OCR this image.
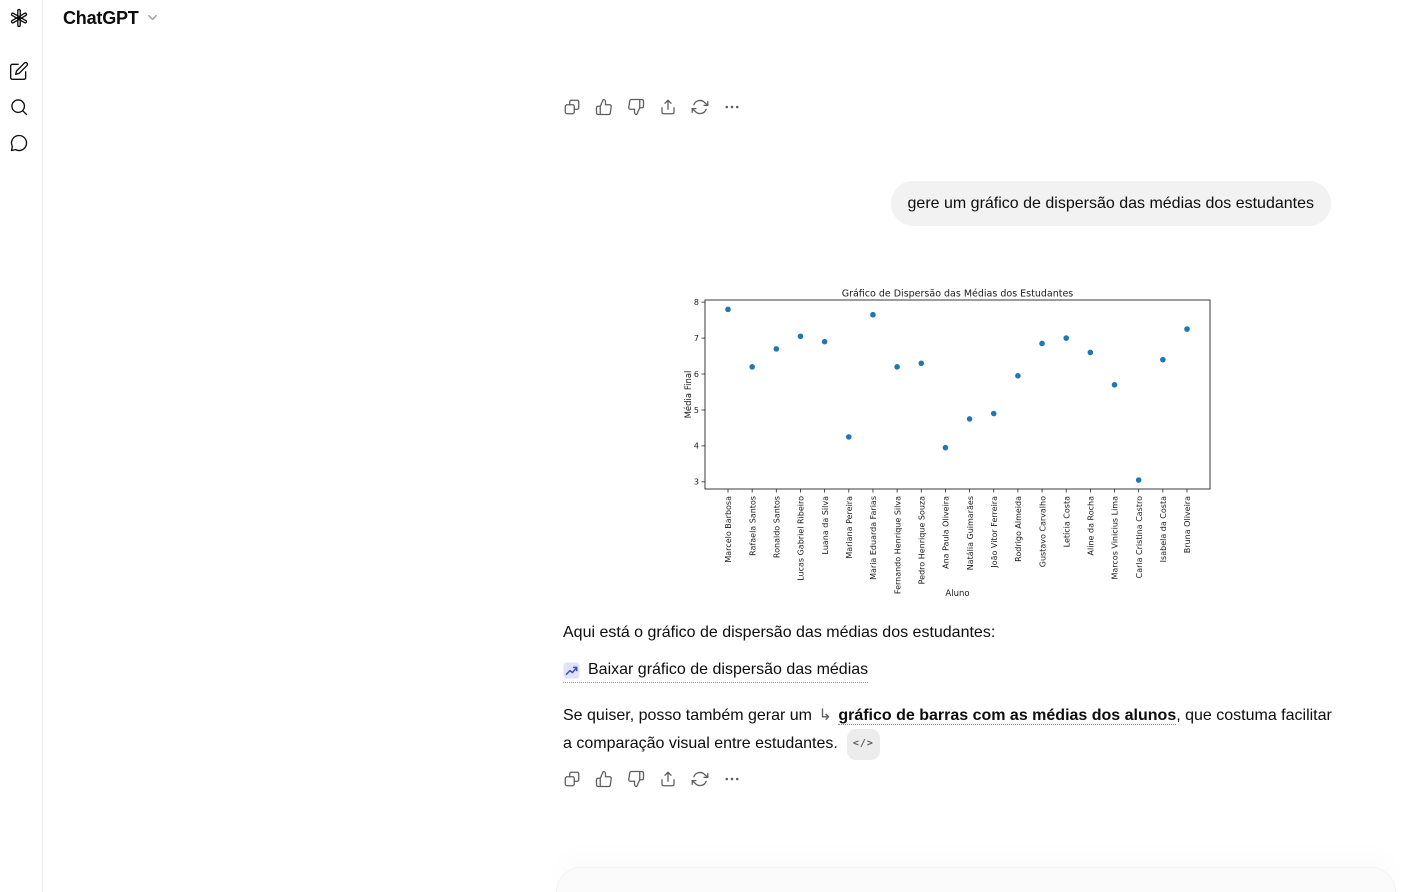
ChatGPT
gere um gráfico de dispersão das médias dos estudantes
Gráfico de Dispersão das Médias dos Estudantes
Média Final
Aluno
3
4
5
6
7
8
Marcelo Barbosa Rafaela Santos Ronaldo Santos Lucas Gabriel Ribeiro Luana da Silva Mariana Pereira Maria Eduarda Farias Fernando Henrique Silva Pedro Henrique Souza Ana Paula Oliveira Natália Guimarães João Vitor Ferreira Rodrigo Almeida Gustavo Carvalho Letícia Costa Aline da Rocha Marcos Vinicius Lima Carla Cristina Castro Isabela da Costa Bruna Oliveira

Aqui está o gráfico de dispersão das médias dos estudantes:

Baixar gráfico de dispersão das médias

Se quiser, posso também gerar um ↳ gráfico de barras com as médias dos alunos, que costuma facilitar a comparação visual entre estudantes. </>
